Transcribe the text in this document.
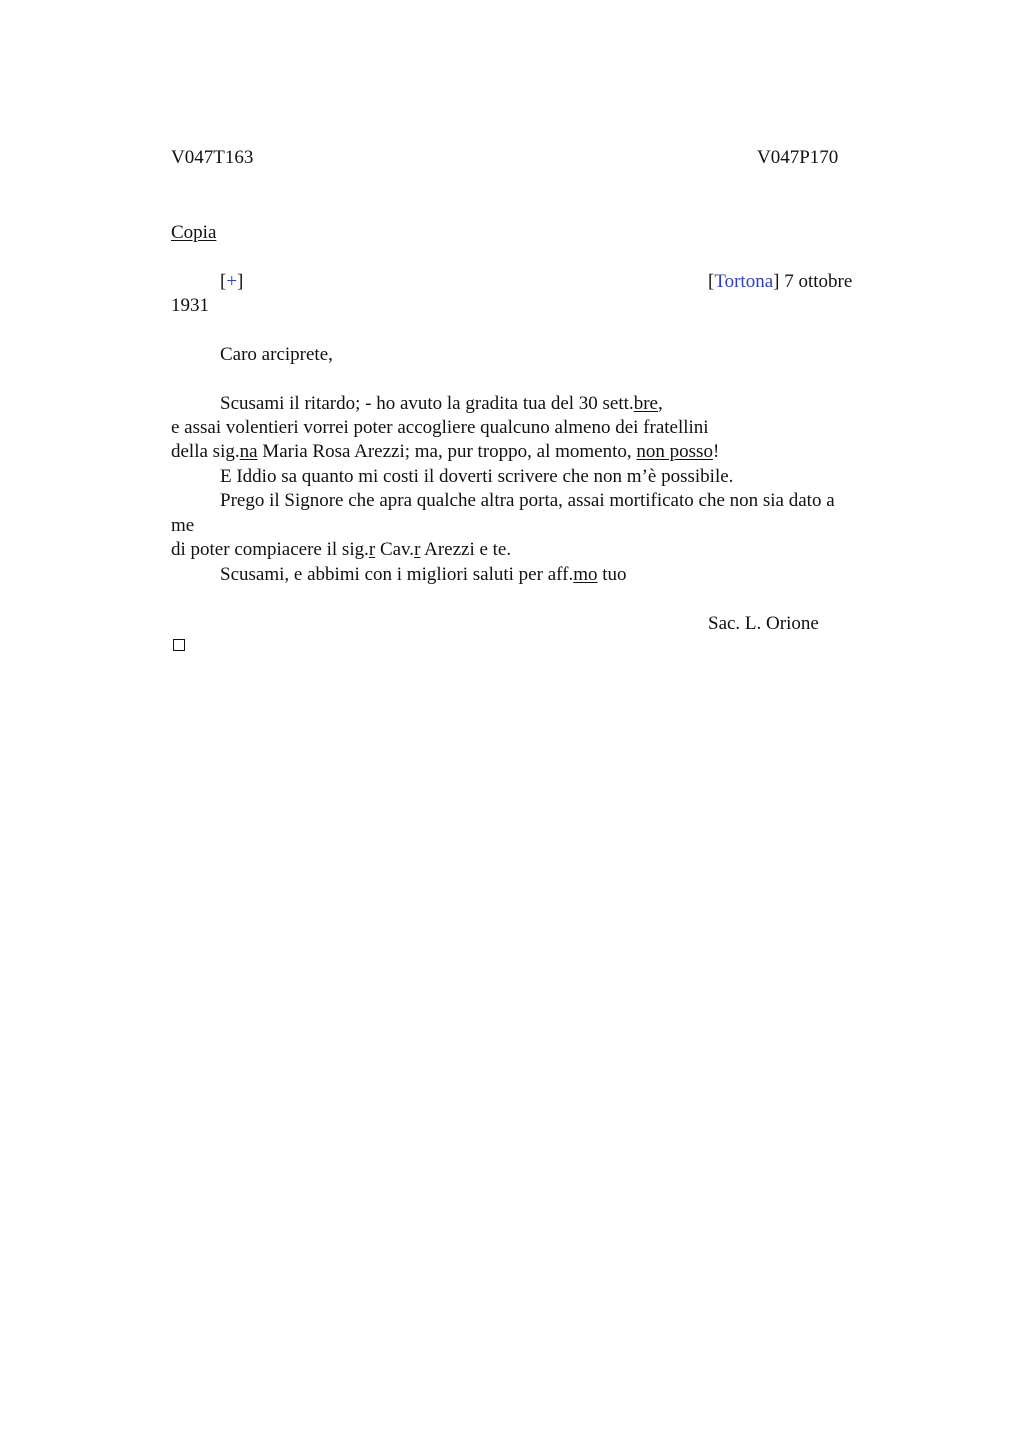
V047T163	V047P170
Copia
[+]	[Tortona] 7 ottobre
1931
Caro arciprete,
Scusami il ritardo; - ho avuto la gradita tua del 30 sett.bre,
e assai volentieri vorrei poter accogliere qualcuno almeno dei fratellini
della sig.na Maria Rosa Arezzi; ma, pur troppo, al momento, non posso!
E Iddio sa quanto mi costi il doverti scrivere che non m’è possibile.
Prego il Signore che apra qualche altra porta, assai mortificato che non sia dato a
me
di poter compiacere il sig.r Cav.r Arezzi e te.
Scusami, e abbimi con i migliori saluti per aff.mo tuo
Sac. L. Orione
